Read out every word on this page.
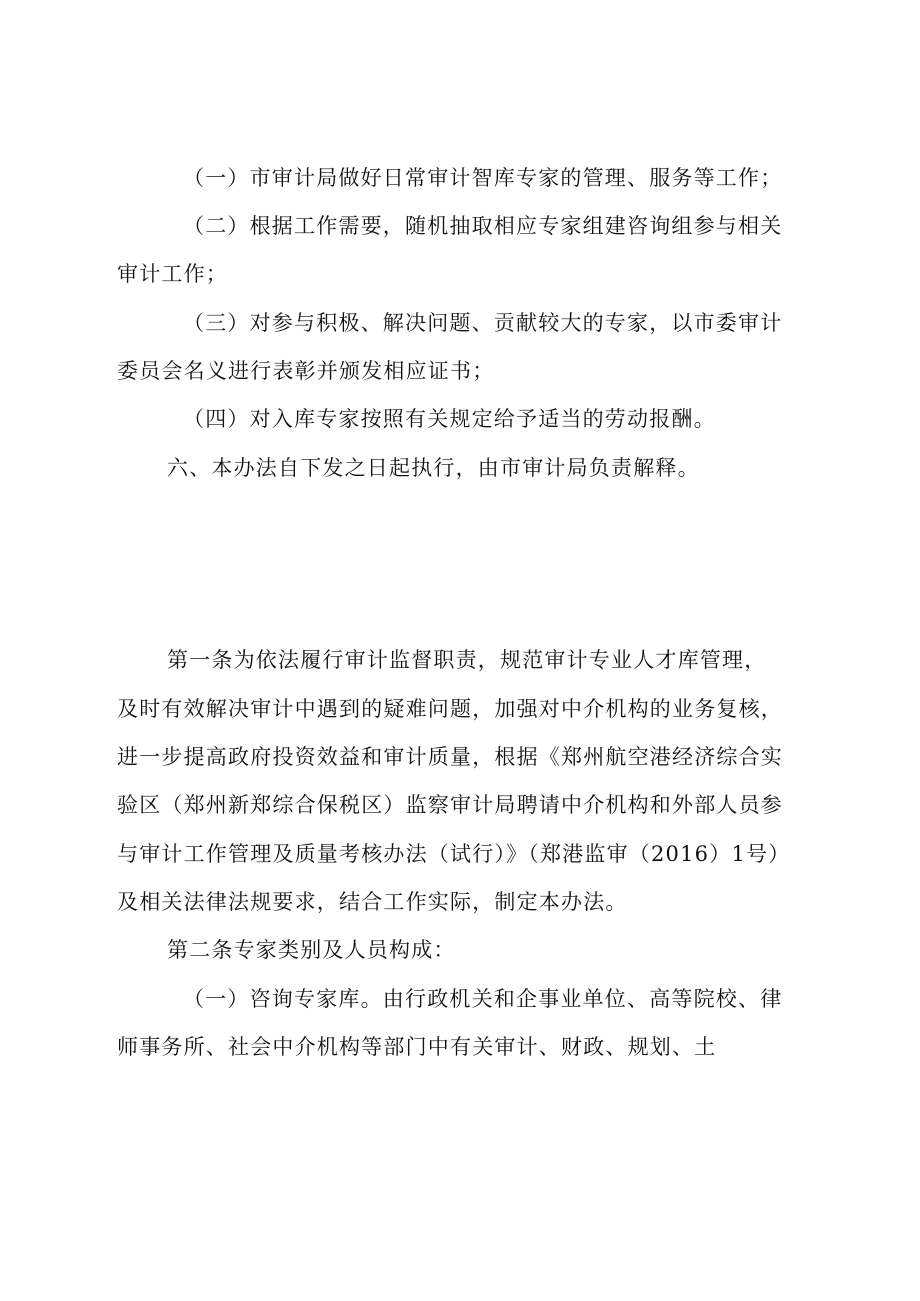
（一）市审计局做好日常审计智库专家的管理、服务等工作；
（二）根据工作需要，随机抽取相应专家组建咨询组参与相关
审计工作；
（三）对参与积极、解决问题、贡献较大的专家，以市委审计
委员会名义进行表彰并颁发相应证书；
（四）对入库专家按照有关规定给予适当的劳动报酬。
六、本办法自下发之日起执行，由市审计局负责解释。
第一条为依法履行审计监督职责，规范审计专业人才库管理，
及时有效解决审计中遇到的疑难问题，加强对中介机构的业务复核，
进一步提高政府投资效益和审计质量，根据《郑州航空港经济综合实
验区（郑州新郑综合保税区）监察审计局聘请中介机构和外部人员参
与审计工作管理及质量考核办法（试行）》（郑港监审（2016）1号）
及相关法律法规要求，结合工作实际，制定本办法。
第二条专家类别及人员构成：
（一）咨询专家库。由行政机关和企事业单位、高等院校、律
师事务所、社会中介机构等部门中有关审计、财政、规划、土
